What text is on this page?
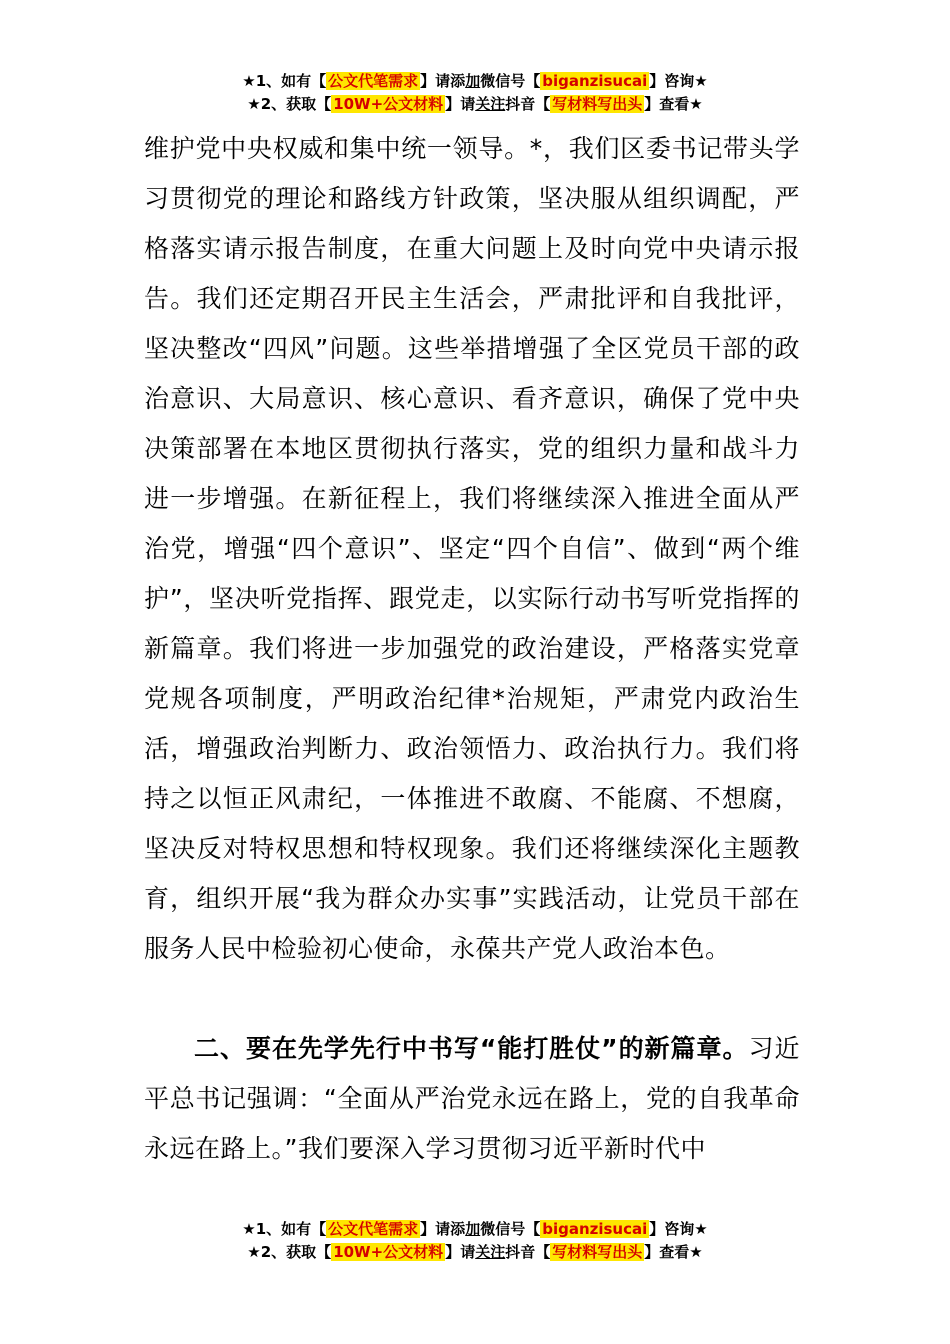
★1、如有【 公文代笔需求 】请添加微信号【 biganzisucai 】咨询★
★2、获取【 10W+公文材料 】请关注抖音【 写材料写出头 】查看★

维护党中央权威和集中统一领导。*，我们区委书记带头学习贯彻党的理论和路线方针政策，坚决服从组织调配，严格落实请示报告制度，在重大问题上及时向党中央请示报告。我们还定期召开民主生活会，严肃批评和自我批评，坚决整改“四风”问题。这些举措增强了全区党员干部的政治意识、大局意识、核心意识、看齐意识，确保了党中央决策部署在本地区贯彻执行落实，党的组织力量和战斗力进一步增强。在新征程上，我们将继续深入推进全面从严治党，增强“四个意识”、坚定“四个自信”、做到“两个维护”，坚决听党指挥、跟党走，以实际行动书写听党指挥的新篇章。我们将进一步加强党的政治建设，严格落实党章党规各项制度，严明政治纪律*治规矩，严肃党内政治生活，增强政治判断力、政治领悟力、政治执行力。我们将持之以恒正风肃纪，一体推进不敢腐、不能腐、不想腐，坚决反对特权思想和特权现象。我们还将继续深化主题教育，组织开展“我为群众办实事”实践活动，让党员干部在服务人民中检验初心使命，永葆共产党人政治本色。

二、要在先学先行中书写“能打胜仗”的新篇章。习近平总书记强调：“全面从严治党永远在路上，党的自我革命永远在路上。”我们要深入学习贯彻习近平新时代中

★1、如有【 公文代笔需求 】请添加微信号【 biganzisucai 】咨询★
★2、获取【 10W+公文材料 】请关注抖音【 写材料写出头 】查看★
